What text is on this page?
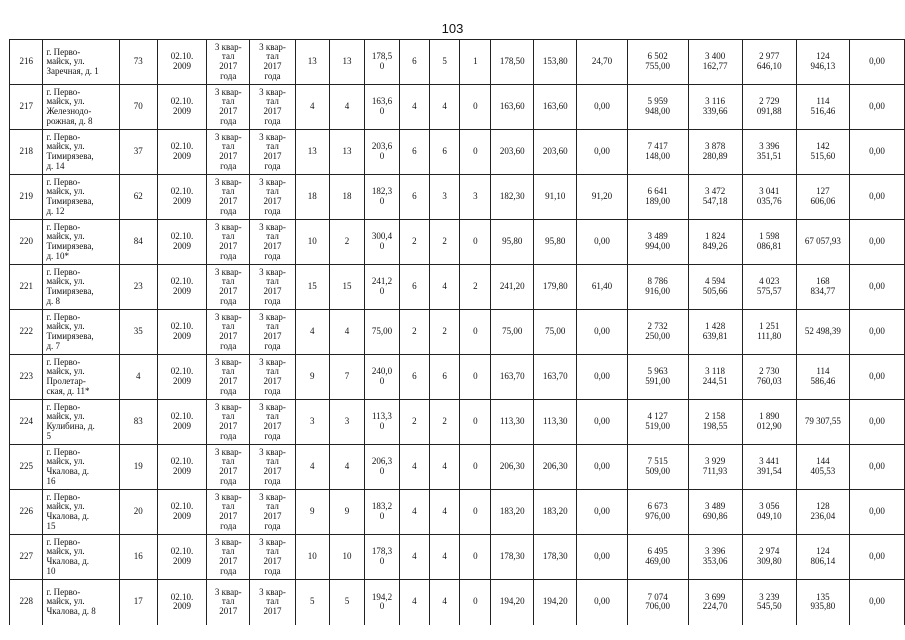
103
216	г. Перво-
майск, ул.
Заречная, д. 1	73	02.10.
2009	3 квар-
тал
2017
года	3 квар-
тал
2017
года	13	13	178,5
0	6	5	1	178,50	153,80	24,70	6 502
755,00	3 400
162,77	2 977
646,10	124
946,13	0,00
217	г. Перво-
майск, ул.
Железнодо-
рожная, д. 8	70	02.10.
2009	3 квар-
тал
2017
года	3 квар-
тал
2017
года	4	4	163,6
0	4	4	0	163,60	163,60	0,00	5 959
948,00	3 116
339,66	2 729
091,88	114
516,46	0,00
218	г. Перво-
майск, ул.
Тимирязева,
д. 14	37	02.10.
2009	3 квар-
тал
2017
года	3 квар-
тал
2017
года	13	13	203,6
0	6	6	0	203,60	203,60	0,00	7 417
148,00	3 878
280,89	3 396
351,51	142
515,60	0,00
219	г. Перво-
майск, ул.
Тимирязева,
д. 12	62	02.10.
2009	3 квар-
тал
2017
года	3 квар-
тал
2017
года	18	18	182,3
0	6	3	3	182,30	91,10	91,20	6 641
189,00	3 472
547,18	3 041
035,76	127
606,06	0,00
220	г. Перво-
майск, ул.
Тимирязева,
д. 10*	84	02.10.
2009	3 квар-
тал
2017
года	3 квар-
тал
2017
года	10	2	300,4
0	2	2	0	95,80	95,80	0,00	3 489
994,00	1 824
849,26	1 598
086,81	67 057,93	0,00
221	г. Перво-
майск, ул.
Тимирязева,
д. 8	23	02.10.
2009	3 квар-
тал
2017
года	3 квар-
тал
2017
года	15	15	241,2
0	6	4	2	241,20	179,80	61,40	8 786
916,00	4 594
505,66	4 023
575,57	168
834,77	0,00
222	г. Перво-
майск, ул.
Тимирязева,
д. 7	35	02.10.
2009	3 квар-
тал
2017
года	3 квар-
тал
2017
года	4	4	75,00	2	2	0	75,00	75,00	0,00	2 732
250,00	1 428
639,81	1 251
111,80	52 498,39	0,00
223	г. Перво-
майск, ул.
Пролетар-
ская, д. 11*	4	02.10.
2009	3 квар-
тал
2017
года	3 квар-
тал
2017
года	9	7	240,0
0	6	6	0	163,70	163,70	0,00	5 963
591,00	3 118
244,51	2 730
760,03	114
586,46	0,00
224	г. Перво-
майск, ул.
Кулибина, д.
5	83	02.10.
2009	3 квар-
тал
2017
года	3 квар-
тал
2017
года	3	3	113,3
0	2	2	0	113,30	113,30	0,00	4 127
519,00	2 158
198,55	1 890
012,90	79 307,55	0,00
225	г. Перво-
майск, ул.
Чкалова, д.
16	19	02.10.
2009	3 квар-
тал
2017
года	3 квар-
тал
2017
года	4	4	206,3
0	4	4	0	206,30	206,30	0,00	7 515
509,00	3 929
711,93	3 441
391,54	144
405,53	0,00
226	г. Перво-
майск, ул.
Чкалова, д.
15	20	02.10.
2009	3 квар-
тал
2017
года	3 квар-
тал
2017
года	9	9	183,2
0	4	4	0	183,20	183,20	0,00	6 673
976,00	3 489
690,86	3 056
049,10	128
236,04	0,00
227	г. Перво-
майск, ул.
Чкалова, д.
10	16	02.10.
2009	3 квар-
тал
2017
года	3 квар-
тал
2017
года	10	10	178,3
0	4	4	0	178,30	178,30	0,00	6 495
469,00	3 396
353,06	2 974
309,80	124
806,14	0,00
228	г. Перво-
майск, ул.
Чкалова, д. 8	17	02.10.
2009	3 квар-
тал
2017	3 квар-
тал
2017	5	5	194,2
0	4	4	0	194,20	194,20	0,00	7 074
706,00	3 699
224,70	3 239
545,50	135
935,80	0,00
